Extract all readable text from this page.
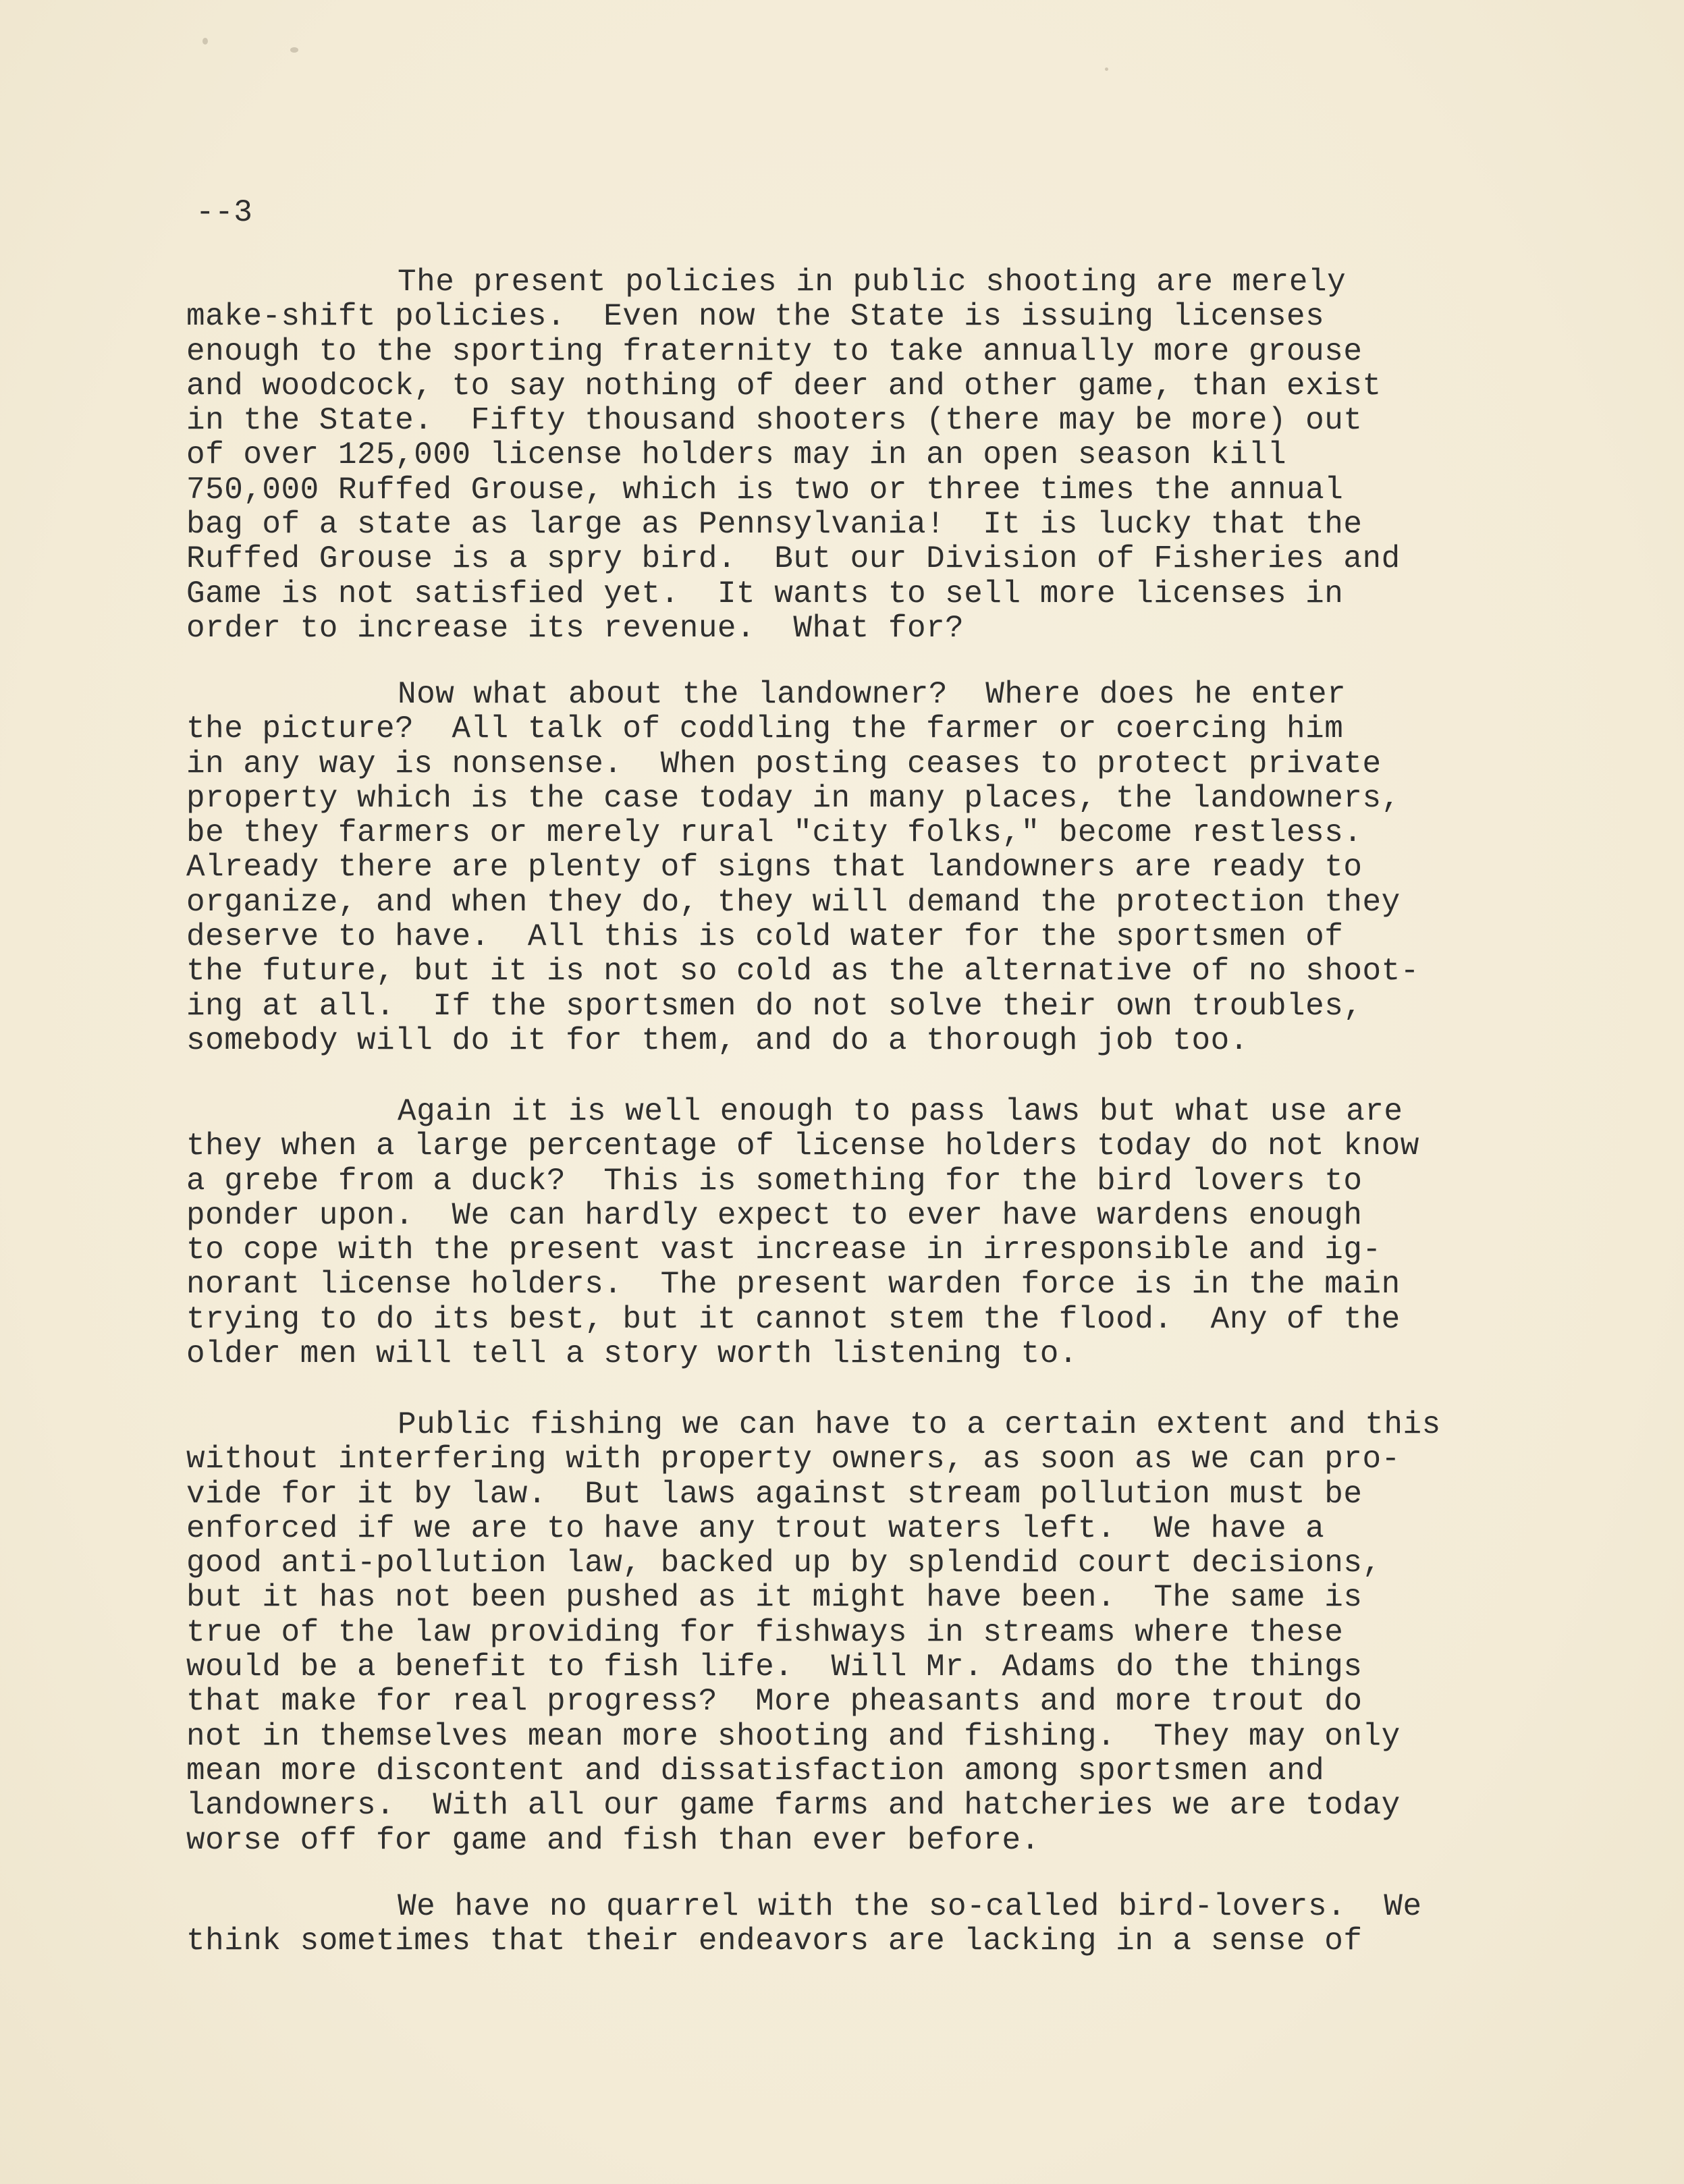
--3

The present policies in public shooting are merely
make-shift policies.  Even now the State is issuing licenses
enough to the sporting fraternity to take annually more grouse
and woodcock, to say nothing of deer and other game, than exist
in the State.  Fifty thousand shooters (there may be more) out
of over 125,000 license holders may in an open season kill
750,000 Ruffed Grouse, which is two or three times the annual
bag of a state as large as Pennsylvania!  It is lucky that the
Ruffed Grouse is a spry bird.  But our Division of Fisheries and
Game is not satisfied yet.  It wants to sell more licenses in
order to increase its revenue.  What for?
Now what about the landowner?  Where does he enter
the picture?  All talk of coddling the farmer or coercing him
in any way is nonsense.  When posting ceases to protect private
property which is the case today in many places, the landowners,
be they farmers or merely rural "city folks," become restless.
Already there are plenty of signs that landowners are ready to
organize, and when they do, they will demand the protection they
deserve to have.  All this is cold water for the sportsmen of
the future, but it is not so cold as the alternative of no shoot-
ing at all.  If the sportsmen do not solve their own troubles,
somebody will do it for them, and do a thorough job too.
Again it is well enough to pass laws but what use are
they when a large percentage of license holders today do not know
a grebe from a duck?  This is something for the bird lovers to
ponder upon.  We can hardly expect to ever have wardens enough
to cope with the present vast increase in irresponsible and ig-
norant license holders.  The present warden force is in the main
trying to do its best, but it cannot stem the flood.  Any of the
older men will tell a story worth listening to.
Public fishing we can have to a certain extent and this
without interfering with property owners, as soon as we can pro-
vide for it by law.  But laws against stream pollution must be
enforced if we are to have any trout waters left.  We have a
good anti-pollution law, backed up by splendid court decisions,
but it has not been pushed as it might have been.  The same is
true of the law providing for fishways in streams where these
would be a benefit to fish life.  Will Mr. Adams do the things
that make for real progress?  More pheasants and more trout do
not in themselves mean more shooting and fishing.  They may only
mean more discontent and dissatisfaction among sportsmen and
landowners.  With all our game farms and hatcheries we are today
worse off for game and fish than ever before.
We have no quarrel with the so-called bird-lovers.  We
think sometimes that their endeavors are lacking in a sense of
